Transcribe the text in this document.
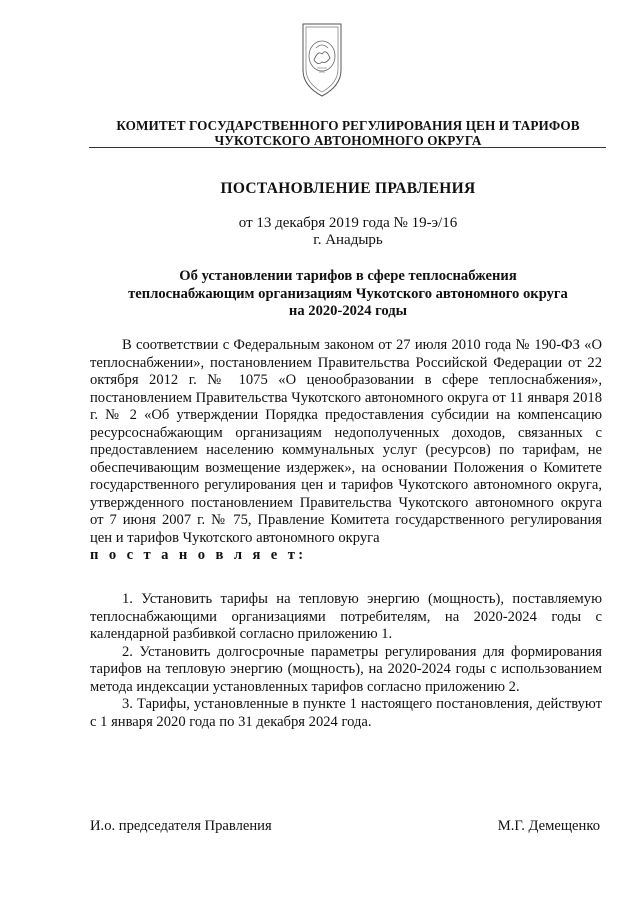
КОМИТЕТ ГОСУДАРСТВЕННОГО РЕГУЛИРОВАНИЯ ЦЕН И ТАРИФОВ
ЧУКОТСКОГО АВТОНОМНОГО ОКРУГА
ПОСТАНОВЛЕНИЕ ПРАВЛЕНИЯ
от 13 декабря 2019 года № 19-э/16
г. Анадырь
Об установлении тарифов в сфере теплоснабжения
теплоснабжающим организациям Чукотского автономного округа
на 2020-2024 годы

В соответствии с Федеральным законом от 27 июля 2010 года № 190-ФЗ «О теплоснабжении», постановлением Правительства Российской Федерации от 22 октября 2012 г. № 1075 «О ценообразовании в сфере теплоснабжения», постановлением Правительства Чукотского автономного округа от 11 января 2018 г. № 2 «Об утверждении Порядка предоставления субсидии на компенсацию ресурсоснабжающим организациям недополученных доходов, связанных с предоставлением населению коммунальных услуг (ресурсов) по тарифам, не обеспечивающим возмещение издержек», на основании Положения о Комитете государственного регулирования цен и тарифов Чукотского автономного округа, утвержденного постановлением Правительства Чукотского автономного округа от 7 июня 2007 г. № 75, Правление Комитета государственного регулирования цен и тарифов Чукотского автономного округа

п о с т а н о в л я е т:

1. Установить тарифы на тепловую энергию (мощность), поставляемую теплоснабжающими организациями потребителям, на 2020-2024 годы с календарной разбивкой согласно приложению 1.

2. Установить долгосрочные параметры регулирования для формирования тарифов на тепловую энергию (мощность), на 2020-2024 годы с использованием метода индексации установленных тарифов согласно приложению 2.

3. Тарифы, установленные в пункте 1 настоящего постановления, действуют с 1 января 2020 года по 31 декабря 2024 года.

И.о. председателя Правления	М.Г. Демещенко
